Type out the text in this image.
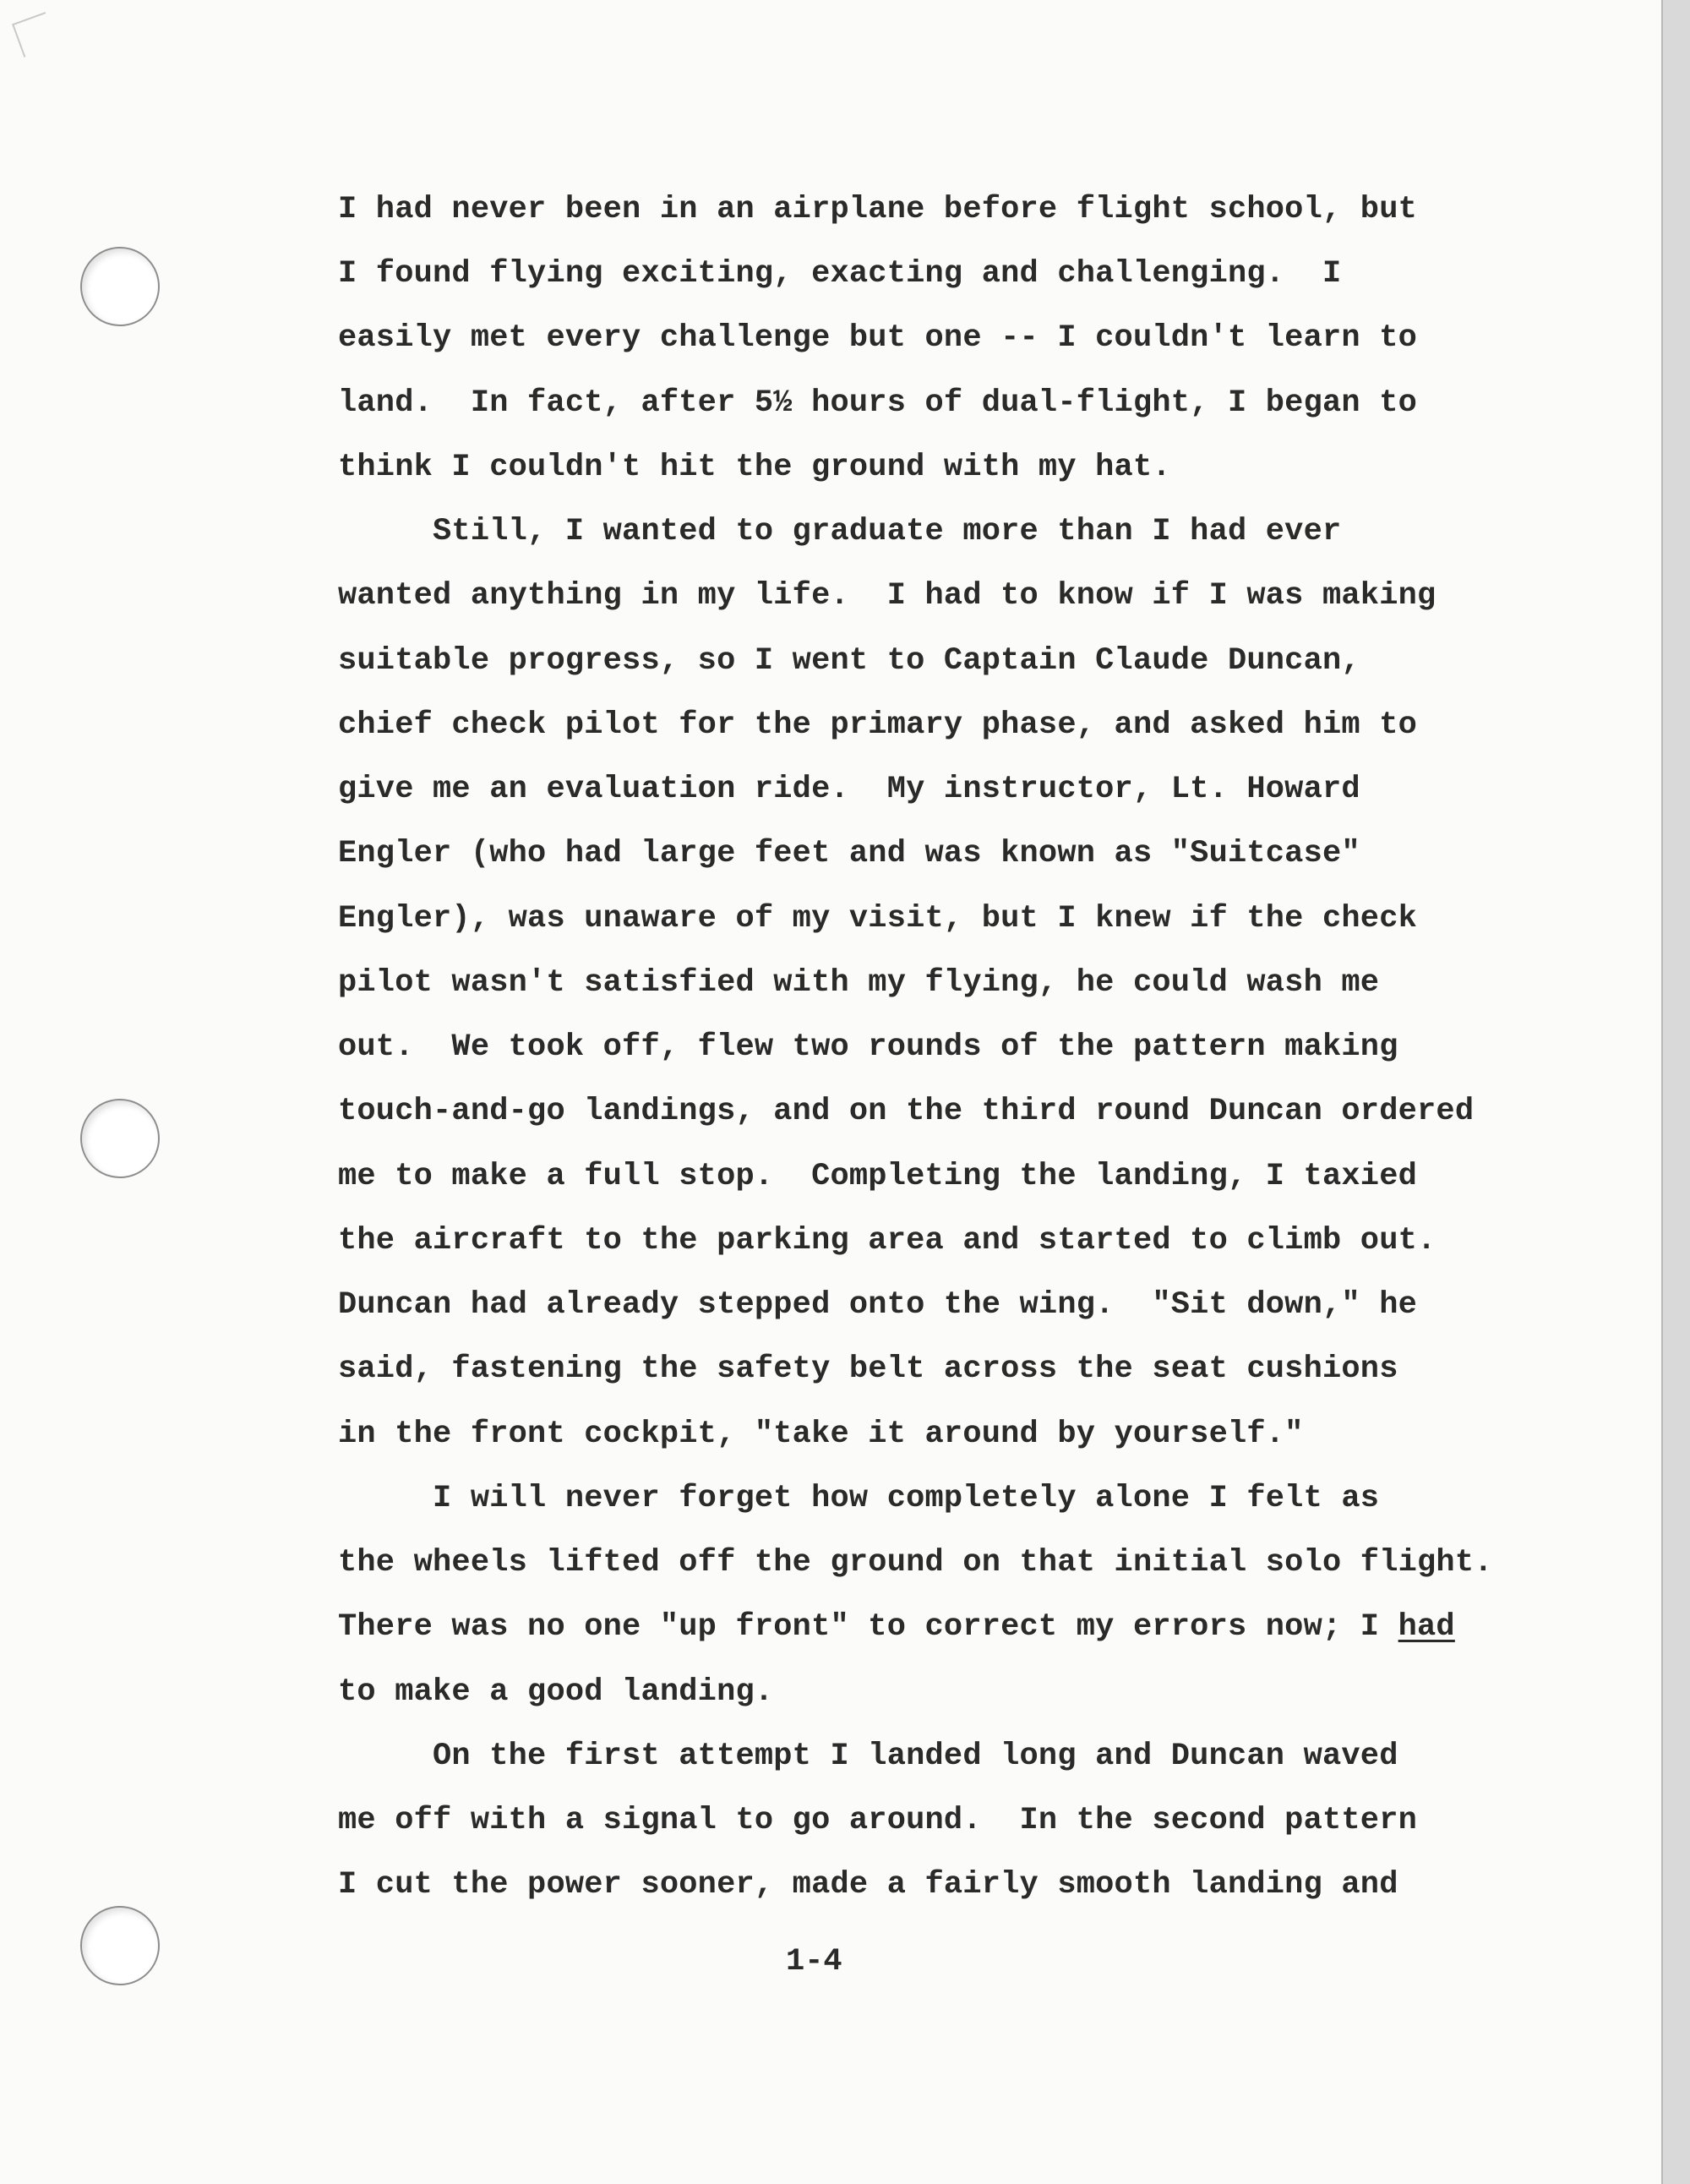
I had never been in an airplane before flight school, but

I found flying exciting, exacting and challenging.  I

easily met every challenge but one -- I couldn't learn to

land.  In fact, after 5½ hours of dual-flight, I began to

think I couldn't hit the ground with my hat.

Still, I wanted to graduate more than I had ever

wanted anything in my life.  I had to know if I was making

suitable progress, so I went to Captain Claude Duncan,

chief check pilot for the primary phase, and asked him to

give me an evaluation ride.  My instructor, Lt. Howard

Engler (who had large feet and was known as "Suitcase"

Engler), was unaware of my visit, but I knew if the check

pilot wasn't satisfied with my flying, he could wash me

out.  We took off, flew two rounds of the pattern making

touch-and-go landings, and on the third round Duncan ordered

me to make a full stop.  Completing the landing, I taxied

the aircraft to the parking area and started to climb out.

Duncan had already stepped onto the wing.  "Sit down," he

said, fastening the safety belt across the seat cushions

in the front cockpit, "take it around by yourself."

I will never forget how completely alone I felt as

the wheels lifted off the ground on that initial solo flight.

There was no one "up front" to correct my errors now; I had

to make a good landing.

On the first attempt I landed long and Duncan waved

me off with a signal to go around.  In the second pattern

I cut the power sooner, made a fairly smooth landing and

1-4
